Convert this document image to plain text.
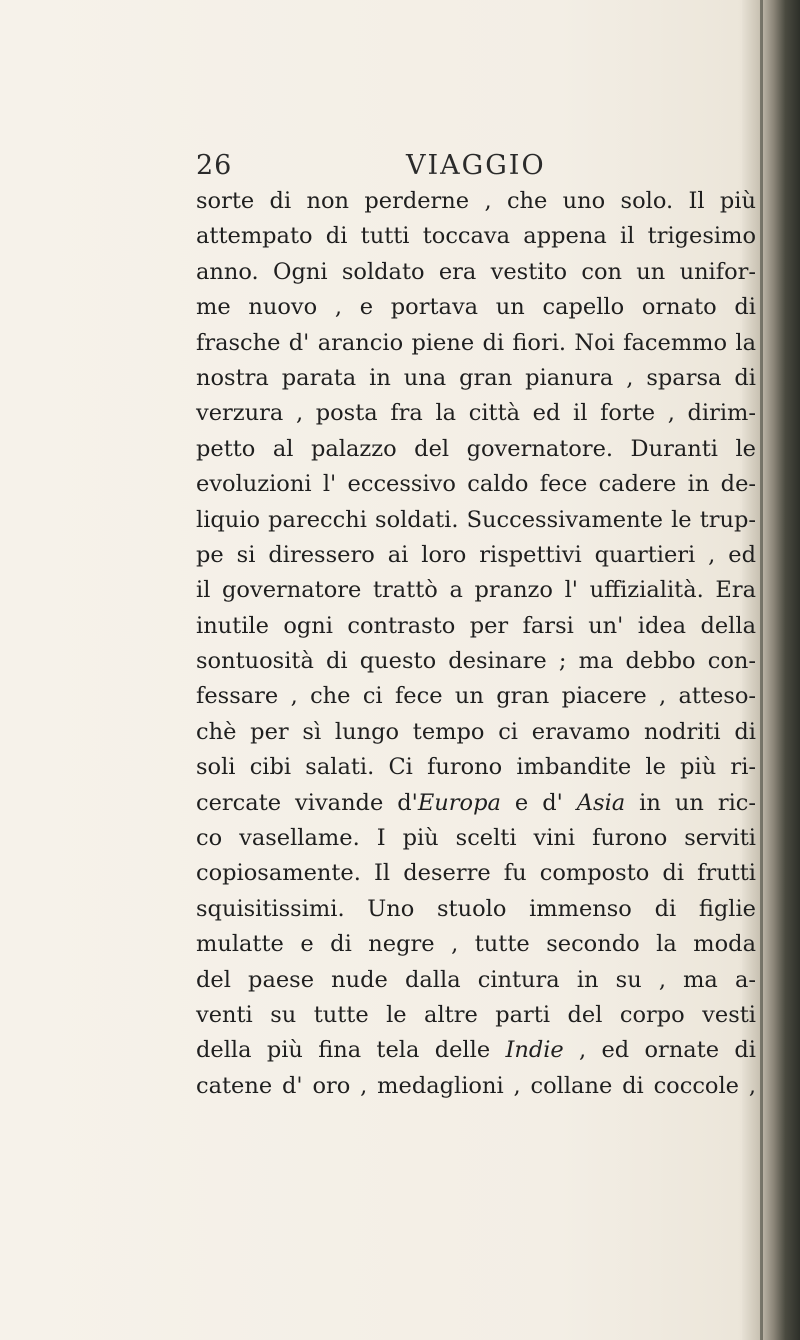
26	VIAGGIO
sorte di non perderne , che uno solo. Il più
attempato di tutti toccava appena il trigesimo
anno. Ogni soldato era vestito con un unifor-
me nuovo , e portava un capello ornato di
frasche d' arancio piene di fiori. Noi facemmo la
nostra parata in una gran pianura , sparsa di
verzura , posta fra la città ed il forte , dirim-
petto al palazzo del governatore. Duranti le
evoluzioni l' eccessivo caldo fece cadere in de-
liquio parecchi soldati. Successivamente le trup-
pe si diressero ai loro rispettivi quartieri , ed
il governatore trattò a pranzo l' uffizialità. Era
inutile ogni contrasto per farsi un' idea della
sontuosità di questo desinare ; ma debbo con-
fessare , che ci fece un gran piacere , atteso-
chè per sì lungo tempo ci eravamo nodriti di
soli cibi salati. Ci furono imbandite le più ri-
cercate vivande d'Europa e d' Asia in un ric-
co vasellame. I più scelti vini furono serviti
copiosamente. Il deserre fu composto di frutti
squisitissimi. Uno stuolo immenso di figlie
mulatte e di negre , tutte secondo la moda
del paese nude dalla cintura in su , ma a-
venti su tutte le altre parti del corpo vesti
della più fina tela delle Indie , ed ornate di
catene d' oro , medaglioni , collane di coccole ,
